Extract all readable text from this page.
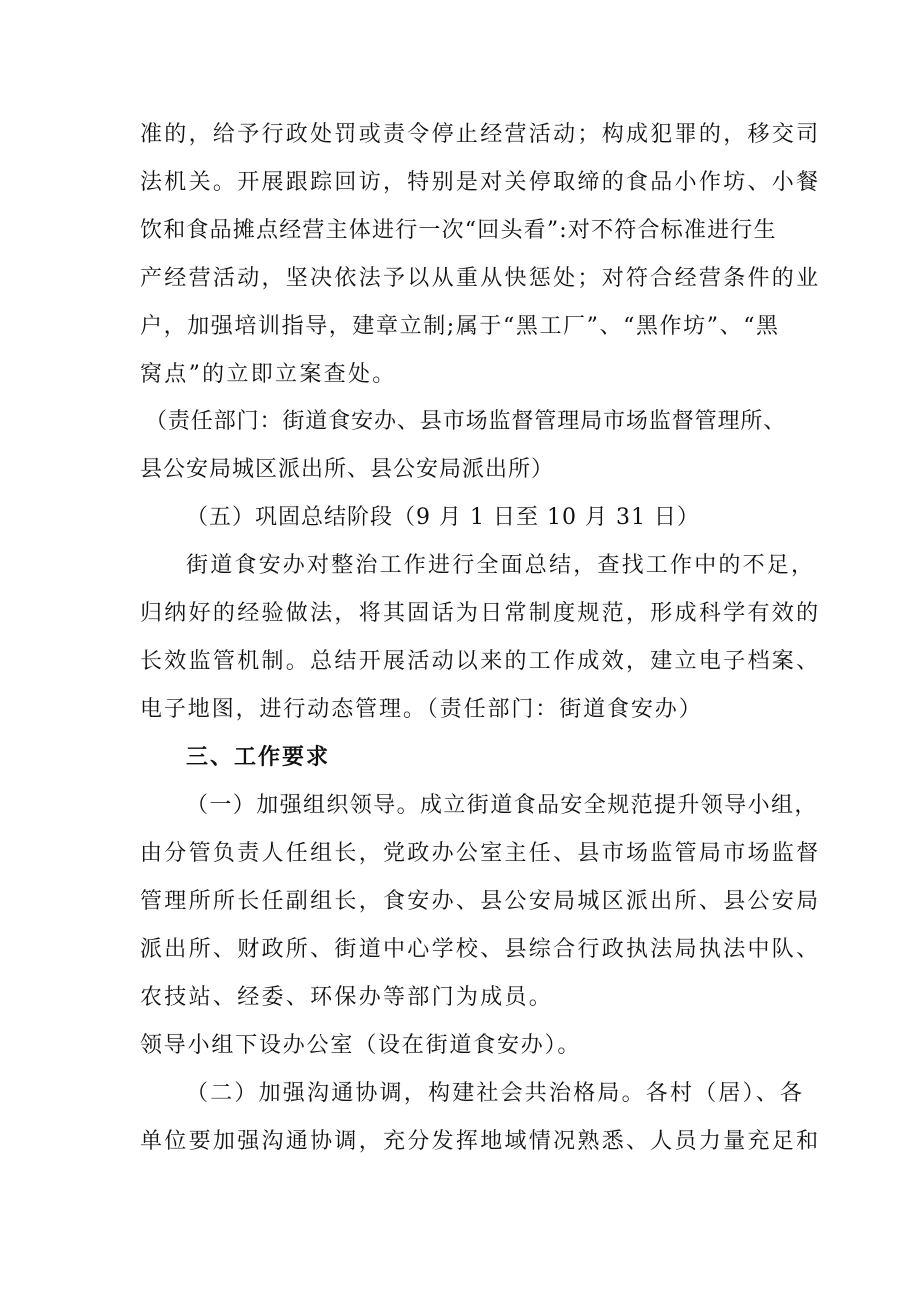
准的，给予行政处罚或责令停止经营活动；构成犯罪的，移交司
法机关。开展跟踪回访，特别是对关停取缔的食品小作坊、小餐
饮和食品摊点经营主体进行一次“回头看”:对不符合标准进行生
产经营活动，坚决依法予以从重从快惩处；对符合经营条件的业
户，加强培训指导，建章立制;属于“黑工厂”、“黑作坊”、“黑
窝点”的立即立案查处。
（责任部门：街道食安办、县市场监督管理局市场监督管理所、
县公安局城区派出所、县公安局派出所）
（五）巩固总结阶段（9 月 1 日至 10 月 31 日）
街道食安办对整治工作进行全面总结，查找工作中的不足，
归纳好的经验做法，将其固话为日常制度规范，形成科学有效的
长效监管机制。总结开展活动以来的工作成效，建立电子档案、
电子地图，进行动态管理。（责任部门：街道食安办）
三、工作要求
（一）加强组织领导。成立街道食品安全规范提升领导小组，
由分管负责人任组长，党政办公室主任、县市场监管局市场监督
管理所所长任副组长，食安办、县公安局城区派出所、县公安局
派出所、财政所、街道中心学校、县综合行政执法局执法中队、
农技站、经委、环保办等部门为成员。
领导小组下设办公室（设在街道食安办）。
（二）加强沟通协调，构建社会共治格局。各村（居）、各
单位要加强沟通协调，充分发挥地域情况熟悉、人员力量充足和
